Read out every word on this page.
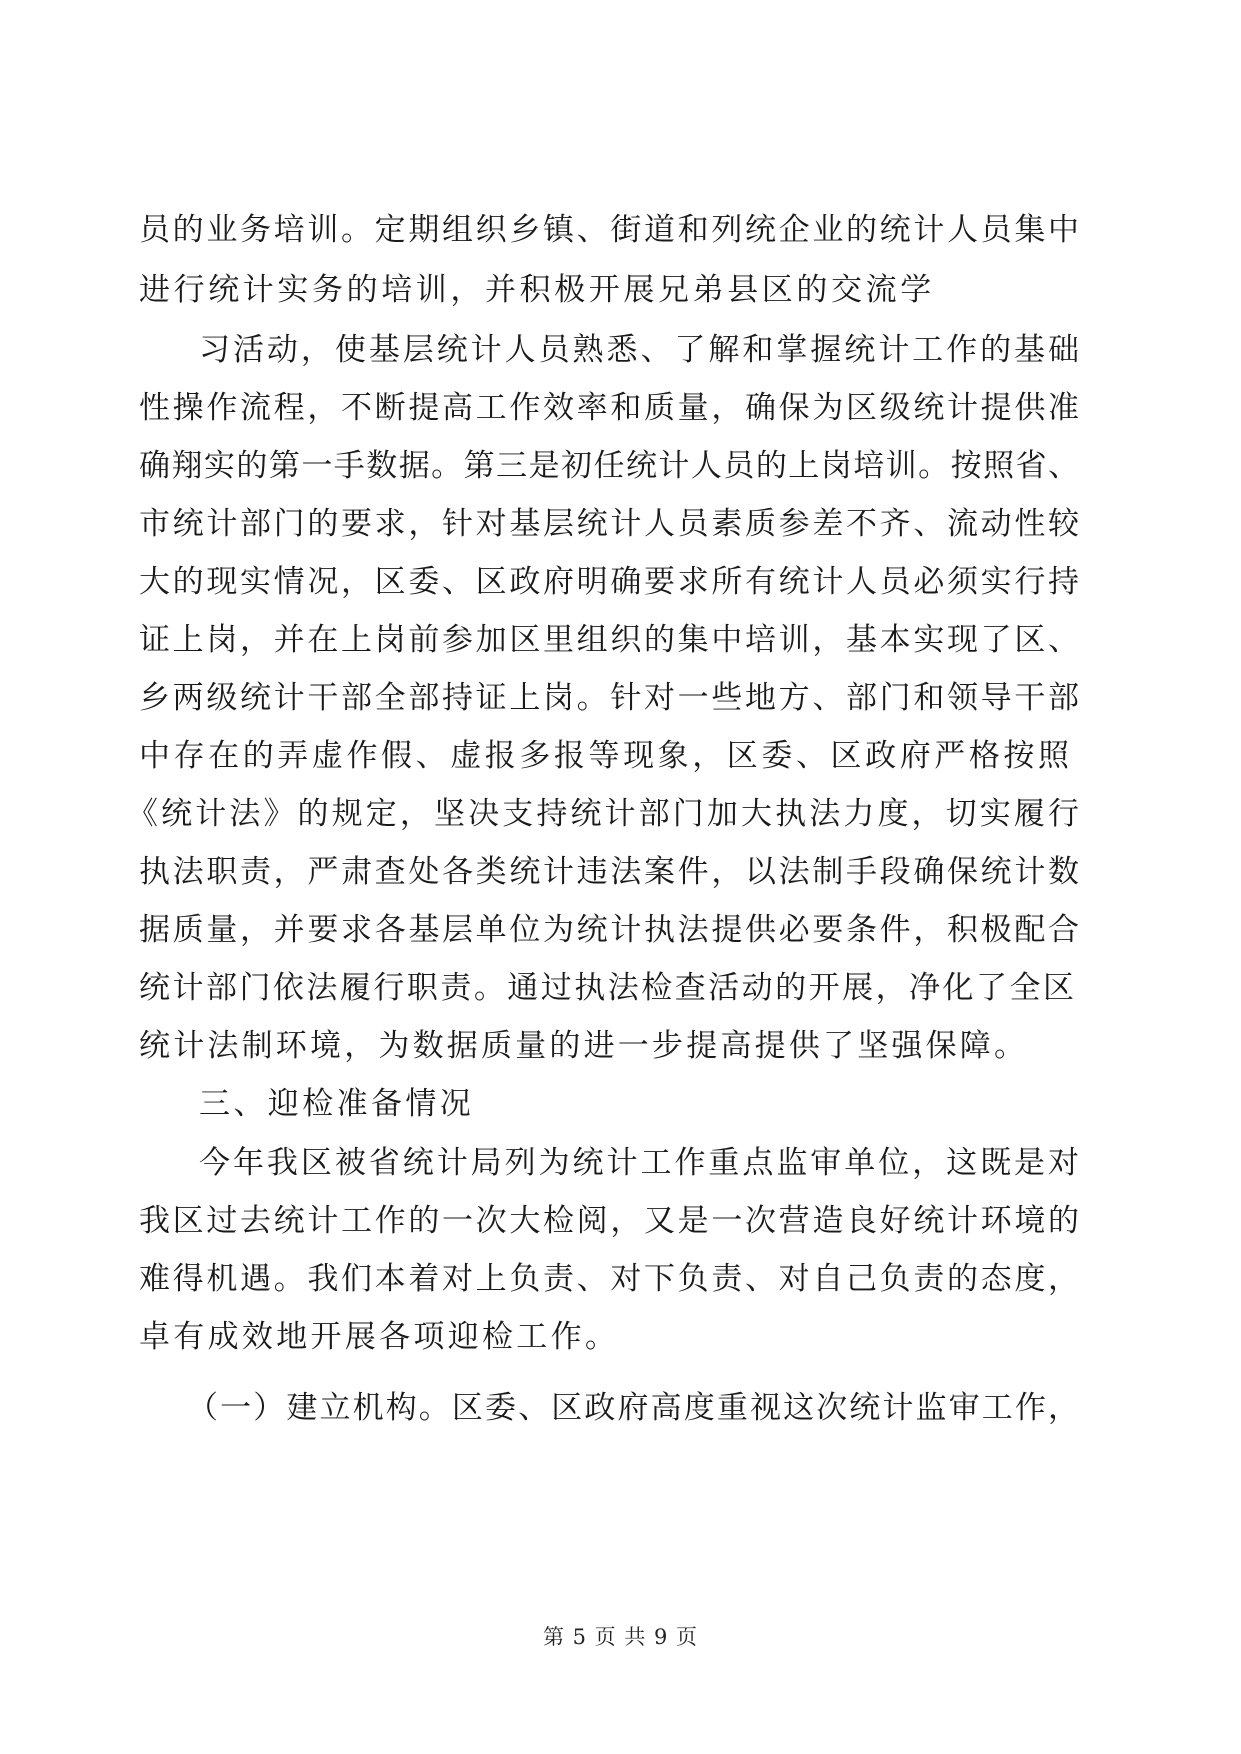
员的业务培训。定期组织乡镇、街道和列统企业的统计人员集中
进行统计实务的培训，并积极开展兄弟县区的交流学
习活动，使基层统计人员熟悉、了解和掌握统计工作的基础
性操作流程，不断提高工作效率和质量，确保为区级统计提供准
确翔实的第一手数据。第三是初任统计人员的上岗培训。按照省、
市统计部门的要求，针对基层统计人员素质参差不齐、流动性较
大的现实情况，区委、区政府明确要求所有统计人员必须实行持
证上岗，并在上岗前参加区里组织的集中培训，基本实现了区、
乡两级统计干部全部持证上岗。针对一些地方、部门和领导干部
中存在的弄虚作假、虚报多报等现象，区委、区政府严格按照
《统计法》的规定，坚决支持统计部门加大执法力度，切实履行
执法职责，严肃查处各类统计违法案件，以法制手段确保统计数
据质量，并要求各基层单位为统计执法提供必要条件，积极配合
统计部门依法履行职责。通过执法检查活动的开展，净化了全区
统计法制环境，为数据质量的进一步提高提供了坚强保障。
三、迎检准备情况
今年我区被省统计局列为统计工作重点监审单位，这既是对
我区过去统计工作的一次大检阅，又是一次营造良好统计环境的
难得机遇。我们本着对上负责、对下负责、对自己负责的态度，
卓有成效地开展各项迎检工作。
（一）建立机构。区委、区政府高度重视这次统计监审工作，
第 5 页 共 9 页
